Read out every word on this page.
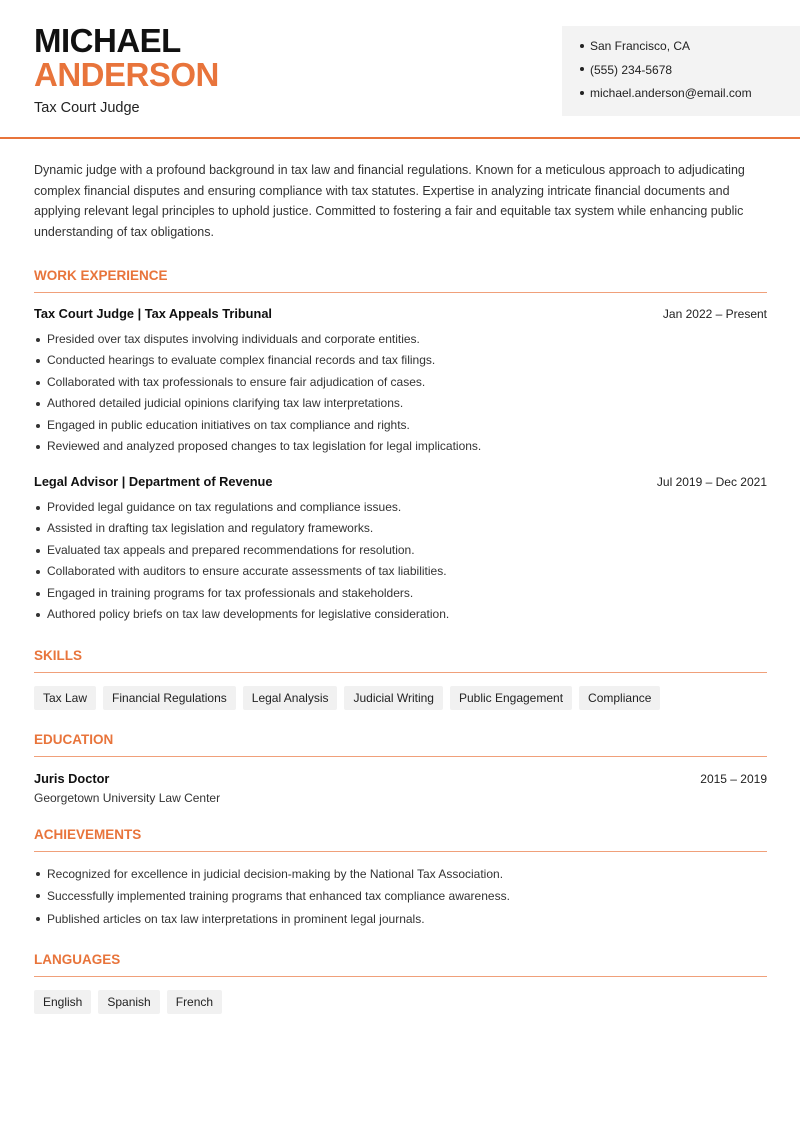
MICHAEL
ANDERSON
Tax Court Judge
San Francisco, CA
(555) 234-5678
michael.anderson@email.com

Dynamic judge with a profound background in tax law and financial regulations. Known for a meticulous approach to adjudicating complex financial disputes and ensuring compliance with tax statutes. Expertise in analyzing intricate financial documents and applying relevant legal principles to uphold justice. Committed to fostering a fair and equitable tax system while enhancing public understanding of tax obligations.

WORK EXPERIENCE
Tax Court Judge | Tax Appeals Tribunal	Jan 2022 – Present
Presided over tax disputes involving individuals and corporate entities.
Conducted hearings to evaluate complex financial records and tax filings.
Collaborated with tax professionals to ensure fair adjudication of cases.
Authored detailed judicial opinions clarifying tax law interpretations.
Engaged in public education initiatives on tax compliance and rights.
Reviewed and analyzed proposed changes to tax legislation for legal implications.
Legal Advisor | Department of Revenue	Jul 2019 – Dec 2021
Provided legal guidance on tax regulations and compliance issues.
Assisted in drafting tax legislation and regulatory frameworks.
Evaluated tax appeals and prepared recommendations for resolution.
Collaborated with auditors to ensure accurate assessments of tax liabilities.
Engaged in training programs for tax professionals and stakeholders.
Authored policy briefs on tax law developments for legislative consideration.
SKILLS
Tax Law	Financial Regulations	Legal Analysis	Judicial Writing	Public Engagement	Compliance
EDUCATION
Juris Doctor	2015 – 2019
Georgetown University Law Center
ACHIEVEMENTS
Recognized for excellence in judicial decision-making by the National Tax Association.
Successfully implemented training programs that enhanced tax compliance awareness.
Published articles on tax law interpretations in prominent legal journals.
LANGUAGES
English	Spanish	French
